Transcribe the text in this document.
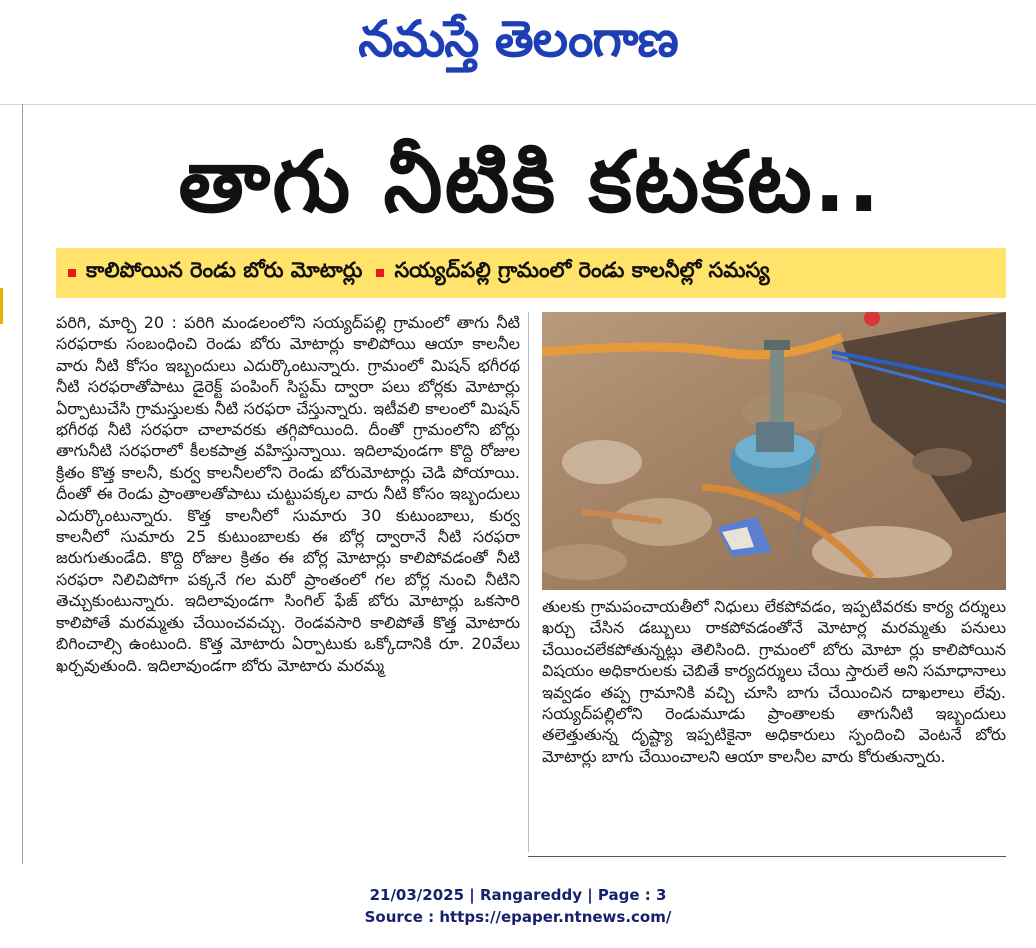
నమస్తే తెలంగాణ
తాగు నీటికి కటకట..
కాలిపోయిన రెండు బోరు మోటార్లు సయ్యద్‌పల్లి గ్రామంలో రెండు కాలనీల్లో సమస్య

పరిగి, మార్చి 20 : పరిగి మండలంలోని సయ్యద్‌పల్లి గ్రామంలో తాగు నీటి సరఫరాకు సంబంధించి రెండు బోరు మోటార్లు కాలిపోయి ఆయా కాలనీల వారు నీటి కోసం ఇబ్బందులు ఎదుర్కొంటున్నారు. గ్రామంలో మిషన్ భగీరథ నీటి సరఫరాతోపాటు డైరెక్ట్ పంపింగ్ సిస్టమ్ ద్వారా పలు బోర్లకు మోటార్లు ఏర్పాటుచేసి గ్రామస్తులకు నీటి సరఫరా చేస్తున్నారు. ఇటీవలి కాలంలో మిషన్ భగీరథ నీటి సరఫరా చాలావరకు తగ్గిపోయింది. దీంతో గ్రామంలోని బోర్లు తాగునీటి సరఫరాలో కీలకపాత్ర వహిస్తున్నాయి. ఇదిలావుండగా కొద్ది రోజుల క్రితం కొత్త కాలనీ, కుర్వ కాలనీలలోని రెండు బోరుమోటార్లు చెడి పోయాయి. దీంతో ఈ రెండు ప్రాంతాలతోపాటు చుట్టుపక్కల వారు నీటి కోసం ఇబ్బందులు ఎదుర్కొంటున్నారు. కొత్త కాలనీలో సుమారు 30 కుటుంబాలు, కుర్వ కాలనీలో సుమారు 25 కుటుంబాలకు ఈ బోర్ల ద్వారానే నీటి సరఫరా జరుగుతుండేది. కొద్ది రోజుల క్రితం ఈ బోర్ల మోటార్లు కాలిపోవడంతో నీటి సరఫరా నిలిచిపోగా పక్కనే గల మరో ప్రాంతంలో గల బోర్ల నుంచి నీటిని తెచ్చుకుంటున్నారు. ఇదిలావుండగా సింగిల్ ఫేజ్ బోరు మోటార్లు ఒకసారి కాలిపోతే మరమ్మతు చేయించవచ్చు. రెండవసారి కాలిపోతే కొత్త మోటారు బిగించాల్సి ఉంటుంది. కొత్త మోటారు ఏర్పాటుకు ఒక్కోదానికి రూ. 20వేలు ఖర్చవుతుంది. ఇదిలావుండగా బోరు మోటారు మరమ్మ

తులకు గ్రామపంచాయతీలో నిధులు లేకపోవడం, ఇప్పటివరకు కార్య దర్శులు ఖర్చు చేసిన డబ్బులు రాకపోవడంతోనే మోటార్ల మరమ్మతు పనులు చేయించలేకపోతున్నట్లు తెలిసింది. గ్రామంలో బోరు మోటా ర్లు కాలిపోయిన విషయం అధికారులకు చెబితే కార్యదర్శులు చేయి స్తారులే అని సమాధానాలు ఇవ్వడం తప్ప గ్రామానికి వచ్చి చూసి బాగు చేయించిన దాఖలాలు లేవు. సయ్యద్‌పల్లిలోని రెండుమూడు ప్రాంతాలకు తాగునీటి ఇబ్బందులు తలెత్తుతున్న దృష్ట్యా ఇప్పటికైనా అధికారులు స్పందించి వెంటనే బోరు మోటార్లు బాగు చేయించాలని ఆయా కాలనీల వారు కోరుతున్నారు.

21/03/2025 | Rangareddy | Page : 3
Source : https://epaper.ntnews.com/
